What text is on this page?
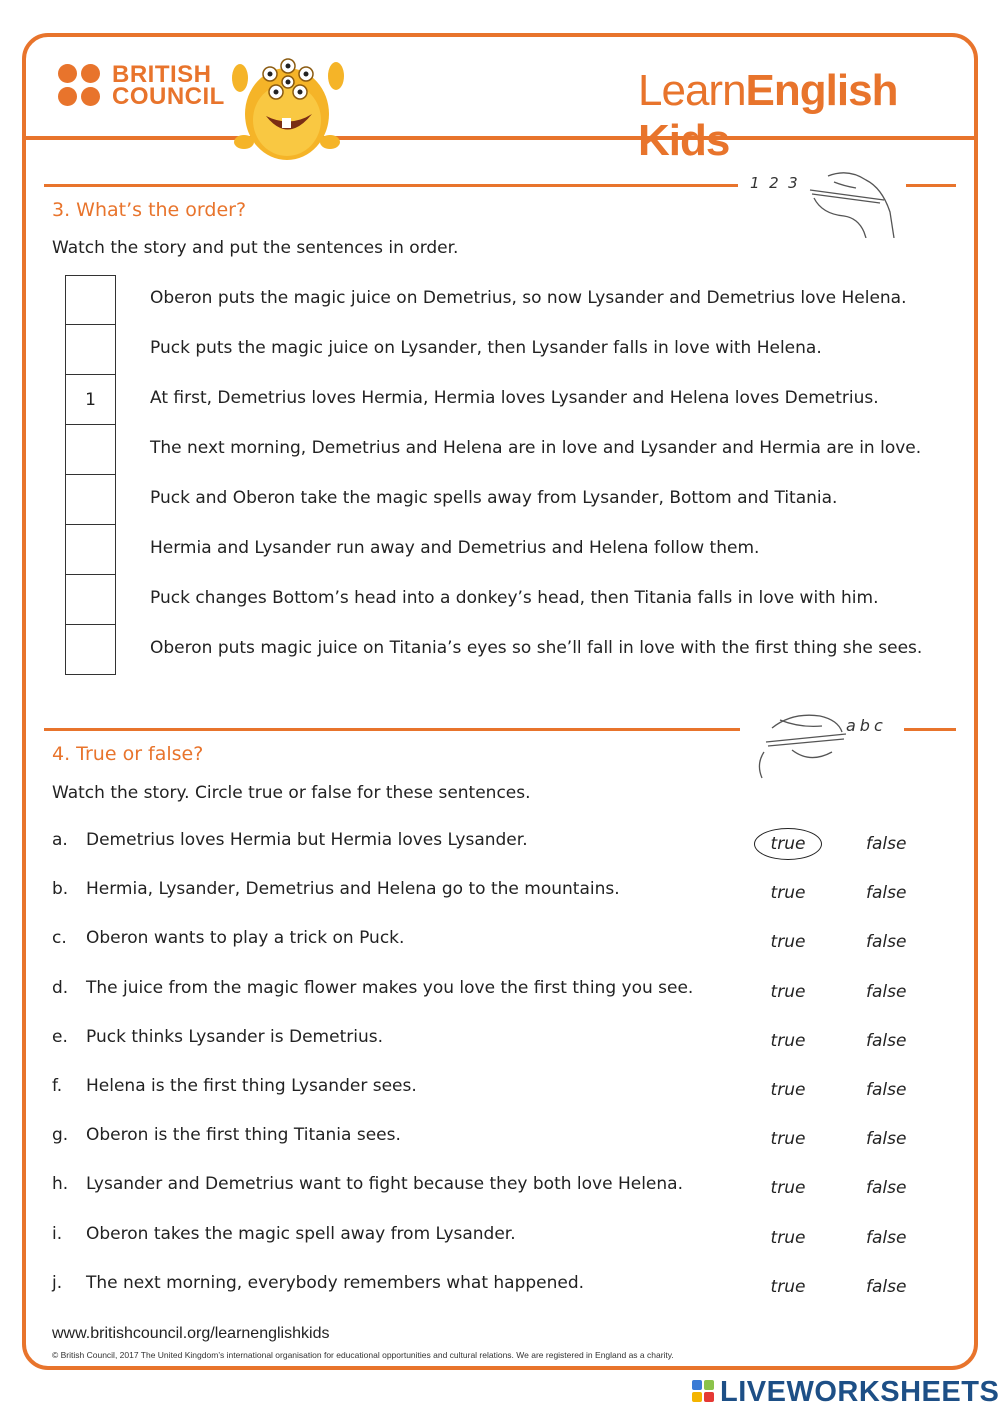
BRITISH
COUNCIL	LearnEnglish Kids
1  2  3
3. What’s the order?
Watch the story and put the sentences in order.
Oberon puts the magic juice on Demetrius, so now Lysander and Demetrius love Helena.
Puck puts the magic juice on Lysander, then Lysander falls in love with Helena.
1	At first, Demetrius loves Hermia, Hermia loves Lysander and Helena loves Demetrius.
The next morning, Demetrius and Helena are in love and Lysander and Hermia are in love.
Puck and Oberon take the magic spells away from Lysander, Bottom and Titania.
Hermia and Lysander run away and Demetrius and Helena follow them.
Puck changes Bottom’s head into a donkey’s head, then Titania falls in love with him.
Oberon puts magic juice on Titania’s eyes so she’ll fall in love with the first thing she sees.
abc
4. True or false?
Watch the story. Circle true or false for these sentences.
a. Demetrius loves Hermia but Hermia loves Lysander.	true	false
b. Hermia, Lysander, Demetrius and Helena go to the mountains.	true	false
c. Oberon wants to play a trick on Puck.	true	false
d. The juice from the magic flower makes you love the first thing you see.	true	false
e. Puck thinks Lysander is Demetrius.	true	false
f. Helena is the first thing Lysander sees.	true	false
g. Oberon is the first thing Titania sees.	true	false
h. Lysander and Demetrius want to fight because they both love Helena.	true	false
i. Oberon takes the magic spell away from Lysander.	true	false
j. The next morning, everybody remembers what happened.	true	false
www.britishcouncil.org/learnenglishkids
© British Council, 2017 The United Kingdom’s international organisation for educational opportunities and cultural relations. We are registered in England as a charity.
LIVEWORKSHEETS
